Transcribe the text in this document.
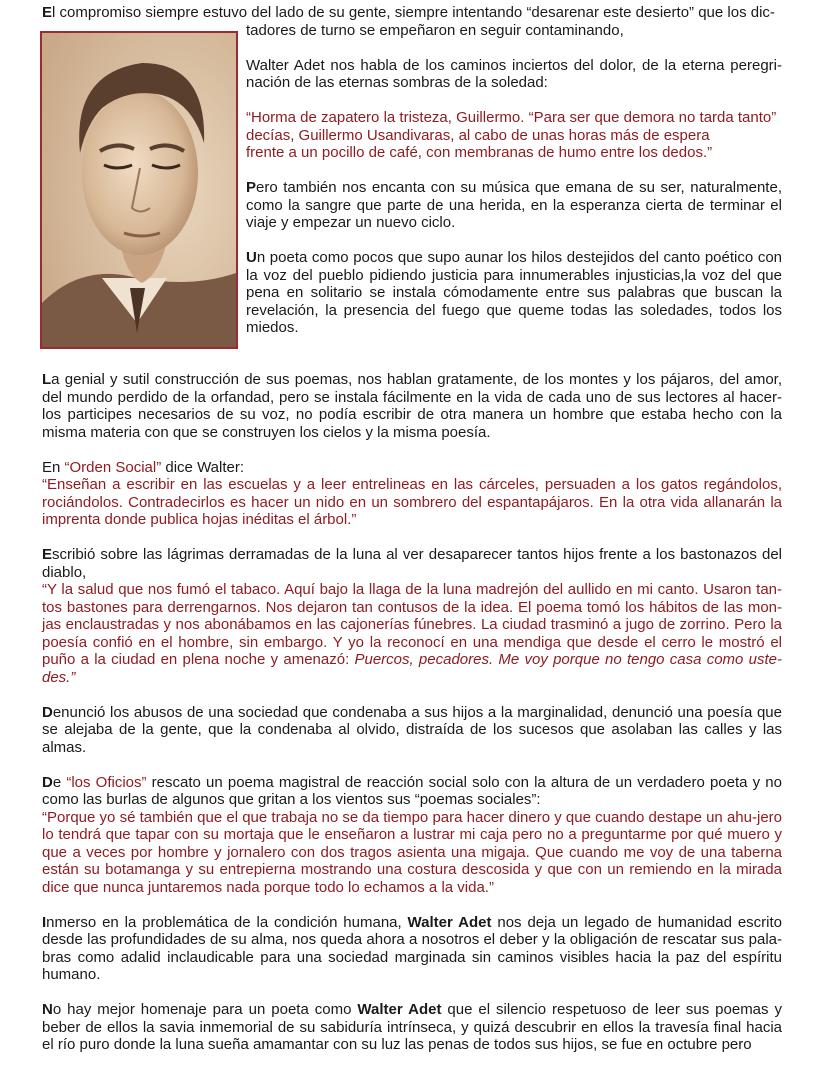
El compromiso siempre estuvo del lado de su gente, siempre intentando “desarenar este desierto” que los dic-

tadores de turno se empeñaron en seguir contaminando,

Walter Adet nos habla de los caminos inciertos del dolor, de la eterna peregri-nación de las eternas sombras de la soledad:

“Horma de zapatero la tristeza, Guillermo. “Para ser que demora no tarda tanto”
decías, Guillermo Usandivaras, al cabo de unas horas más de espera
frente a un pocillo de café, con membranas de humo entre los dedos.”

Pero también nos encanta con su música que emana de su ser, naturalmente, como la sangre que parte de una herida, en la esperanza cierta de terminar el viaje y empezar un nuevo ciclo.

Un poeta como pocos que supo aunar los hilos destejidos del canto poético con la voz del pueblo pidiendo justicia para innumerables injusticias,la voz del que pena en solitario se instala cómodamente entre sus palabras que buscan la revelación, la presencia del fuego que queme todas las soledades, todos los miedos.

La genial y sutil construcción de sus poemas, nos hablan gratamente, de los montes y los pájaros, del amor, del mundo perdido de la orfandad, pero se instala fácilmente en la vida de cada uno de sus lectores al hacer-los participes necesarios de su voz, no podía escribir de otra manera un hombre que estaba hecho con la misma materia con que se construyen los cielos y la misma poesía.

En “Orden Social” dice Walter:

“Enseñan a escribir en las escuelas y a leer entrelineas en las cárceles, persuaden a los gatos regándolos, rociándolos. Contradecirlos es hacer un nido en un sombrero del espantapájaros. En la otra vida allanarán la imprenta donde publica hojas inéditas el árbol.”

Escribió sobre las lágrimas derramadas de la luna al ver desaparecer tantos hijos frente a los bastonazos del diablo,

“Y la salud que nos fumó el tabaco. Aquí bajo la llaga de la luna madrejón del aullido en mi canto. Usaron tan-tos bastones para derrengarnos. Nos dejaron tan contusos de la idea. El poema tomó los hábitos de las mon-jas enclaustradas y nos abonábamos en las cajonerías fúnebres. La ciudad trasminó a jugo de zorrino. Pero la poesía confió en el hombre, sin embargo. Y yo la reconocí en una mendiga que desde el cerro le mostró el puño a la ciudad en plena noche y amenazó: Puercos, pecadores. Me voy porque no tengo casa como uste-des.”

Denunció los abusos de una sociedad que condenaba a sus hijos a la marginalidad, denunció una poesía que se alejaba de la gente, que la condenaba al olvido, distraída de los sucesos que asolaban las calles y las almas.

De “los Oficios” rescato un poema magistral de reacción social solo con la altura de un verdadero poeta y no como las burlas de algunos que gritan a los vientos sus “poemas sociales”:

“Porque yo sé también que el que trabaja no se da tiempo para hacer dinero y que cuando destape un ahu-jero lo tendrá que tapar con su mortaja que le enseñaron a lustrar mi caja pero no a preguntarme por qué muero y que a veces por hombre y jornalero con dos tragos asienta una migaja. Que cuando me voy de una taberna están su botamanga y su entrepierna mostrando una costura descosida y que con un remiendo en la mirada dice que nunca juntaremos nada porque todo lo echamos a la vida.”

Inmerso en la problemática de la condición humana, Walter Adet nos deja un legado de humanidad escrito desde las profundidades de su alma, nos queda ahora a nosotros el deber y la obligación de rescatar sus pala-bras como adalid inclaudicable para una sociedad marginada sin caminos visibles hacia la paz del espíritu humano.

No hay mejor homenaje para un poeta como Walter Adet que el silencio respetuoso de leer sus poemas y beber de ellos la savia inmemorial de su sabiduría intrínseca, y quizá descubrir en ellos la travesía final hacia el río puro donde la luna sueña amamantar con su luz las penas de todos sus hijos, se fue en octubre pero
